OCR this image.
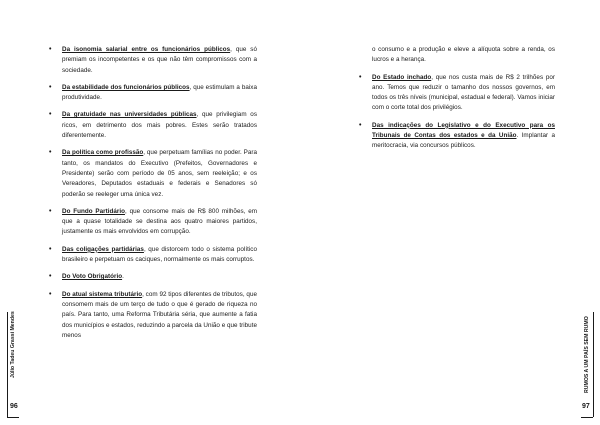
• Da isonomia salarial entre os funcionários públicos, que só premiam os incompetentes e os que não têm compromissos com a sociedade.
• Da estabilidade dos funcionários públicos, que estimulam a baixa produtividade.
• Da gratuidade nas universidades públicas, que privilegiam os ricos, em detrimento dos mais pobres. Estes serão tratados diferentemente.
• Da política como profissão, que perpetuam famílias no poder. Para tanto, os mandatos do Executivo (Prefeitos, Governadores e Presidente) serão com período de 05 anos, sem reeleição; e os Vereadores, Deputados estaduais e federais e Senadores só poderão se reeleger uma única vez.
• Do Fundo Partidário, que consome mais de R$ 800 milhões, em que a quase totalidade se destina aos quatro maiores partidos, justamente os mais envolvidos em corrupção.
• Das coligações partidárias, que distorcem todo o sistema político brasileiro e perpetuam os caciques, normalmente os mais corruptos.
• Do Voto Obrigatório.
• Do atual sistema tributário, com 92 tipos diferentes de tributos, que consomem mais de um terço de tudo o que é gerado de riqueza no país. Para tanto, uma Reforma Tributária séria, que aumente a fatia dos municípios e estados, reduzindo a parcela da União e que tribute menos
Júlio Tadeu Grassi Mendes
96
o consumo e a produção e eleve a alíquota sobre a renda, os lucros e a herança.
• Do Estado inchado, que nos custa mais de R$ 2 trilhões por ano. Temos que reduzir o tamanho dos nossos governos, em todos os três níveis (municipal, estadual e federal). Vamos iniciar com o corte total dos privilégios.
• Das indicações do Legislativo e do Executivo para os Tribunais de Contas dos estados e da União. Implantar a meritocracia, via concursos públicos.
RUMOS A UM PAÍS SEM RUMO
97
